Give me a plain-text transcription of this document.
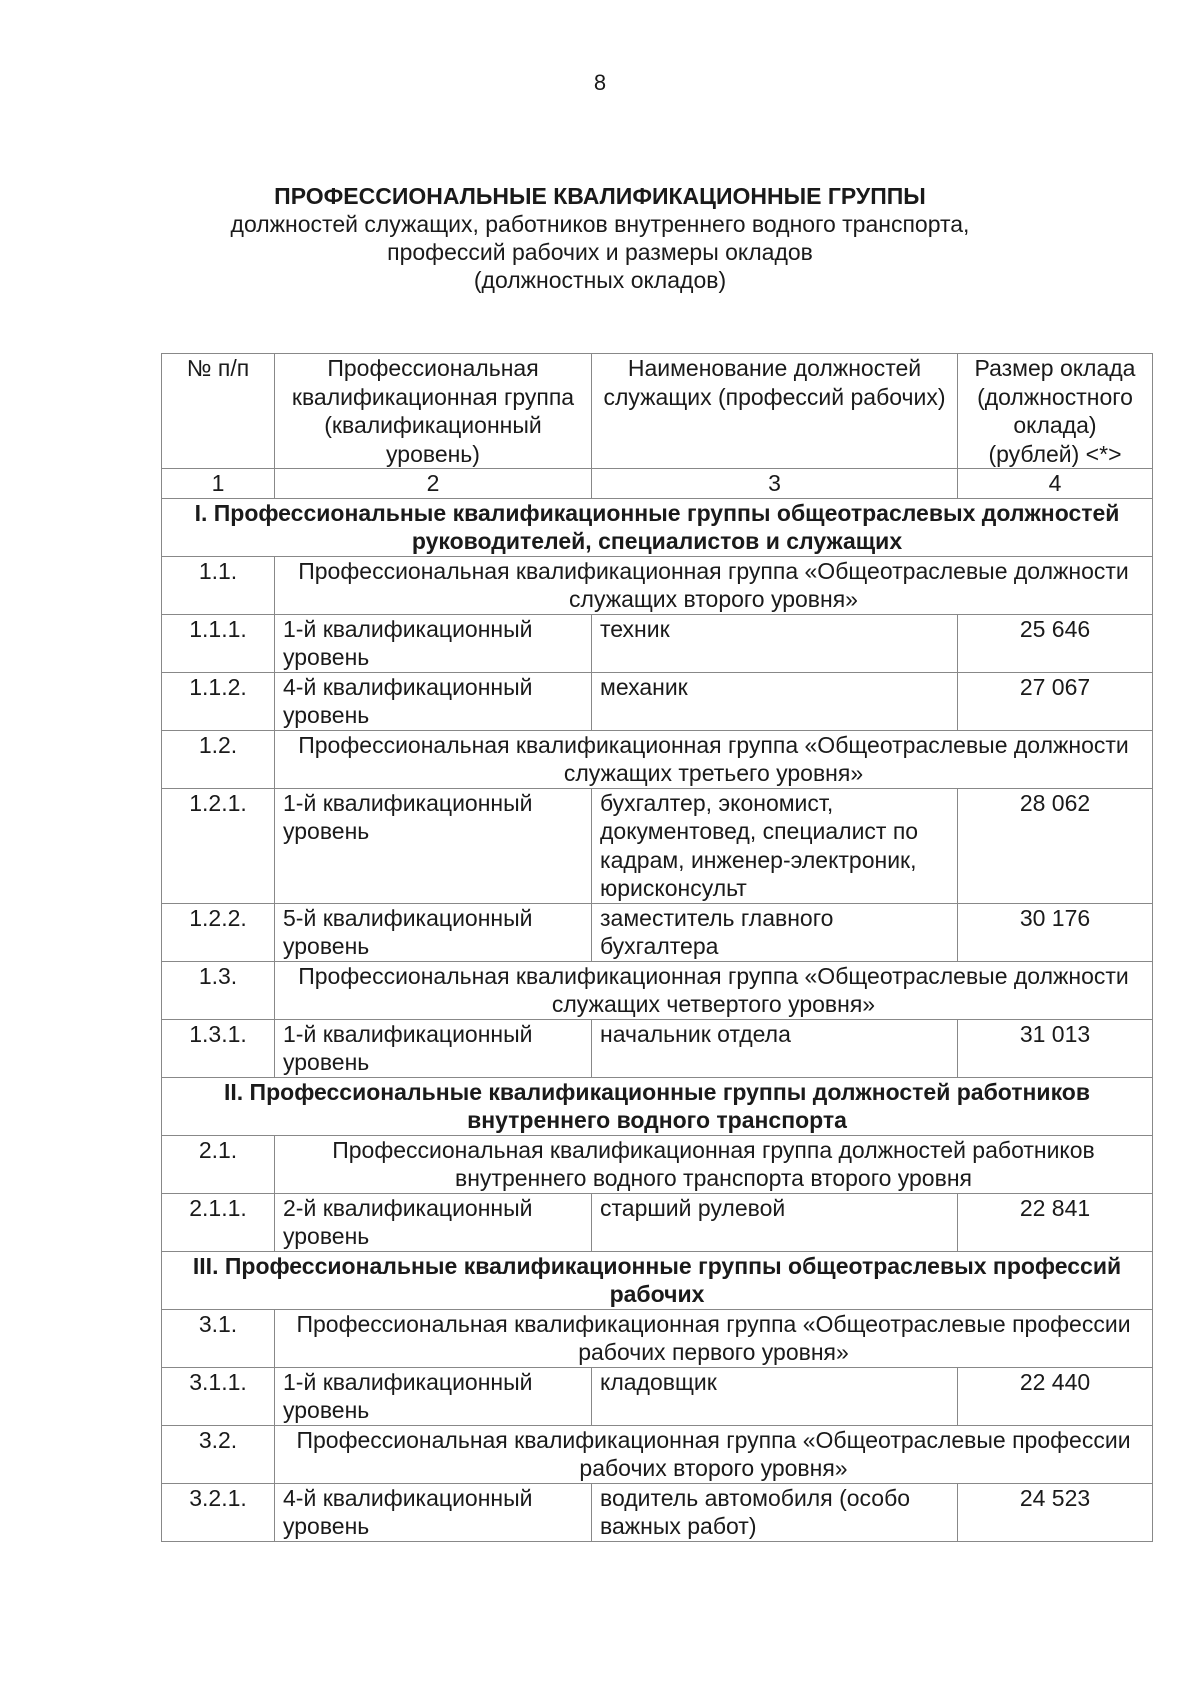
8
ПРОФЕССИОНАЛЬНЫЕ КВАЛИФИКАЦИОННЫЕ ГРУППЫ
должностей служащих, работников внутреннего водного транспорта,
профессий рабочих и размеры окладов
(должностных окладов)
№ п/п	Профессиональная квалификационная группа (квалификационный уровень)	Наименование должностей служащих (профессий рабочих)	Размер оклада (должностного оклада) (рублей) <*>
1	2	3	4
I. Профессиональные квалификационные группы общеотраслевых должностей руководителей, специалистов и служащих			
1.1.	Профессиональная квалификационная группа «Общеотраслевые должности служащих второго уровня»		
1.1.1.	1-й квалификационный уровень	техник	25 646
1.1.2.	4-й квалификационный уровень	механик	27 067
1.2.	Профессиональная квалификационная группа «Общеотраслевые должности служащих третьего уровня»		
1.2.1.	1-й квалификационный уровень	бухгалтер, экономист, документовед, специалист по кадрам, инженер-электроник, юрисконсульт	28 062
1.2.2.	5-й квалификационный уровень	заместитель главного бухгалтера	30 176
1.3.	Профессиональная квалификационная группа «Общеотраслевые должности служащих четвертого уровня»		
1.3.1.	1-й квалификационный уровень	начальник отдела	31 013
II. Профессиональные квалификационные группы должностей работников внутреннего водного транспорта			
2.1.	Профессиональная квалификационная группа должностей работников внутреннего водного транспорта второго уровня		
2.1.1.	2-й квалификационный уровень	старший рулевой	22 841
III. Профессиональные квалификационные группы общеотраслевых профессий рабочих			
3.1.	Профессиональная квалификационная группа «Общеотраслевые профессии рабочих первого уровня»		
3.1.1.	1-й квалификационный уровень	кладовщик	22 440
3.2.	Профессиональная квалификационная группа «Общеотраслевые профессии рабочих второго уровня»		
3.2.1.	4-й квалификационный уровень	водитель автомобиля (особо важных работ)	24 523
